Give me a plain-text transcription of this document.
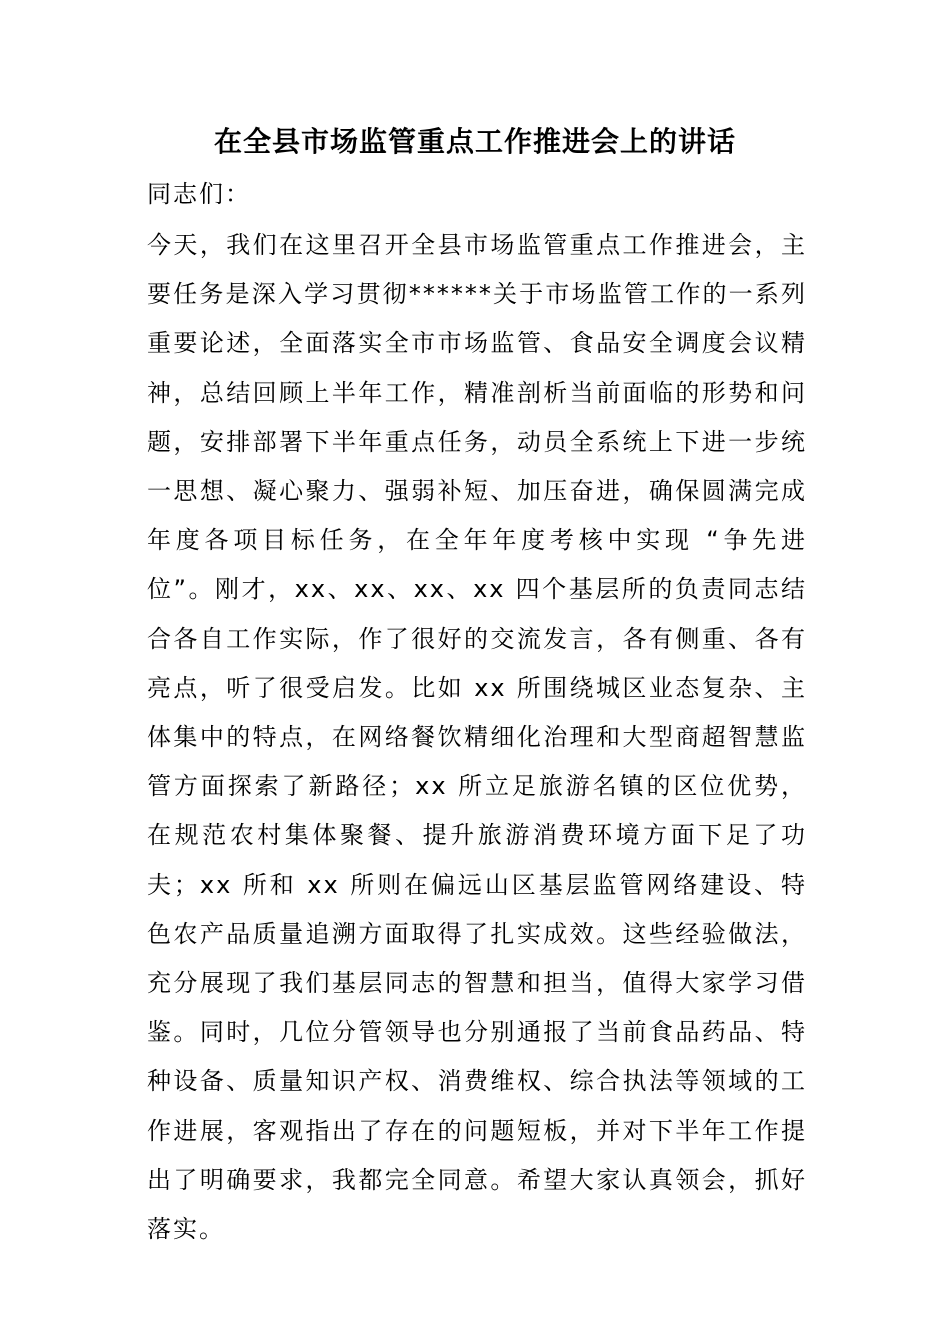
在全县市场监管重点工作推进会上的讲话
同志们：
今天，我们在这里召开全县市场监管重点工作推进会，主要任务是深入学习贯彻******关于市场监管工作的一系列重要论述，全面落实全市市场监管、食品安全调度会议精神，总结回顾上半年工作，精准剖析当前面临的形势和问题，安排部署下半年重点任务，动员全系统上下进一步统一思想、凝心聚力、强弱补短、加压奋进，确保圆满完成年度各项目标任务，在全年年度考核中实现 “争先进位”。刚才，xx、xx、xx、xx 四个基层所的负责同志结合各自工作实际，作了很好的交流发言，各有侧重、各有亮点，听了很受启发。比如 xx 所围绕城区业态复杂、主体集中的特点，在网络餐饮精细化治理和大型商超智慧监管方面探索了新路径；xx 所立足旅游名镇的区位优势，在规范农村集体聚餐、提升旅游消费环境方面下足了功夫；xx 所和 xx 所则在偏远山区基层监管网络建设、特色农产品质量追溯方面取得了扎实成效。这些经验做法，充分展现了我们基层同志的智慧和担当，值得大家学习借鉴。同时，几位分管领导也分别通报了当前食品药品、特种设备、质量知识产权、消费维权、综合执法等领域的工作进展，客观指出了存在的问题短板，并对下半年工作提出了明确要求，我都完全同意。希望大家认真领会，抓好落实。
